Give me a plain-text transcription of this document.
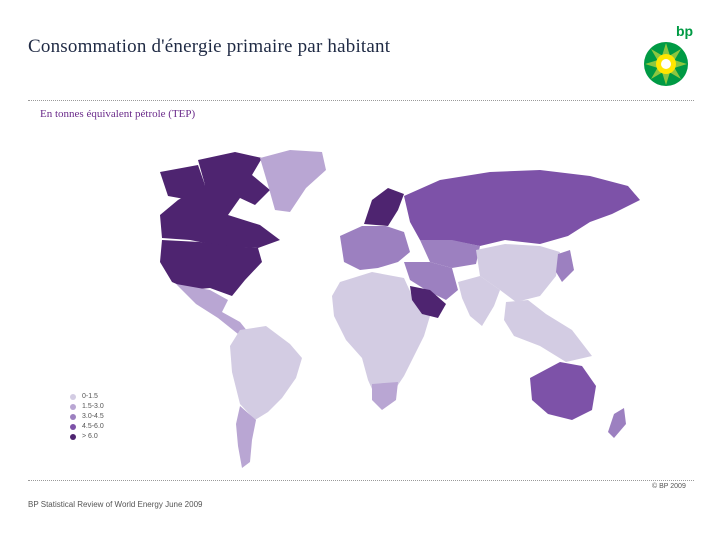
Consommation d'énergie primaire par habitant
bp
En tonnes équivalent pétrole (TEP)
0-1.5
1.5-3.0
3.0-4.5
4.5-6.0
> 6.0
© BP 2009
BP Statistical Review of World Energy June 2009
